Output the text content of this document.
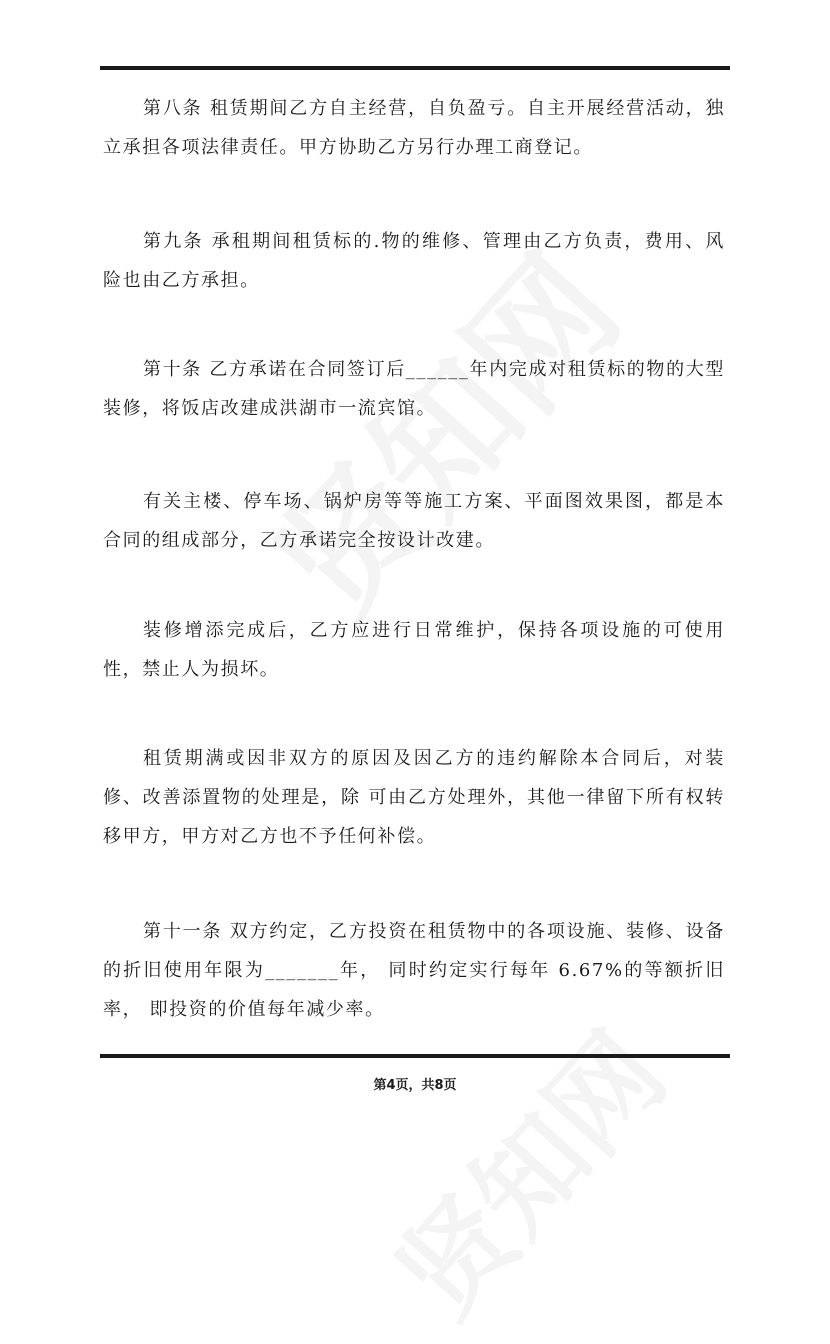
第八条 租赁期间乙方自主经营，自负盈亏。自主开展经营活动，独立承担各项法律责任。甲方协助乙方另行办理工商登记。

第九条 承租期间租赁标的.物的维修、管理由乙方负责，费用、风险也由乙方承担。

第十条 乙方承诺在合同签订后______年内完成对租赁标的物的大型装修，将饭店改建成洪湖市一流宾馆。

有关主楼、停车场、锅炉房等等施工方案、平面图效果图，都是本合同的组成部分，乙方承诺完全按设计改建。

装修增添完成后，乙方应进行日常维护，保持各项设施的可使用性，禁止人为损坏。

租赁期满或因非双方的原因及因乙方的违约解除本合同后，对装修、改善添置物的处理是，除 可由乙方处理外，其他一律留下所有权转移甲方，甲方对乙方也不予任何补偿。

第十一条 双方约定，乙方投资在租赁物中的各项设施、装修、设备的折旧使用年限为_______年， 同时约定实行每年 6.67%的等额折旧率， 即投资的价值每年减少率。

第4页，共8页
